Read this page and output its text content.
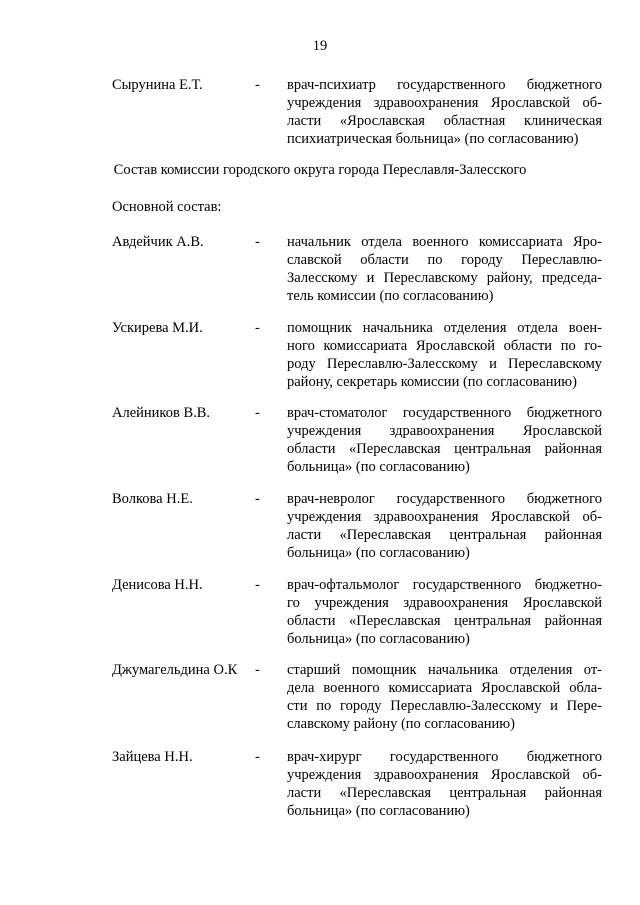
19
Сырунина Е.Т.	- врач-психиатр государственного бюджетного
учреждения здравоохранения Ярославской об-
ласти «Ярославская областная клиническая
психиатрическая больница» (по согласованию)
Состав комиссии городского округа города Переславля-Залесского
Основной состав:
Авдейчик А.В.	- начальник отдела военного комиссариата Яро-
славской области по городу Переславлю-
Залесскому и Переславскому району, председа-
тель комиссии (по согласованию)
Ускирева М.И.	- помощник начальника отделения отдела воен-
ного комиссариата Ярославской области по го-
роду Переславлю-Залесскому и Переславскому
району, секретарь комиссии (по согласованию)
Алейников В.В.	- врач-стоматолог государственного бюджетного
учреждения здравоохранения Ярославской
области «Переславская центральная районная
больница» (по согласованию)
Волкова Н.Е.	- врач-невролог государственного бюджетного
учреждения здравоохранения Ярославской об-
ласти «Переславская центральная районная
больница» (по согласованию)
Денисова Н.Н.	- врач-офтальмолог государственного бюджетно-
го учреждения здравоохранения Ярославской
области «Переславская центральная районная
больница» (по согласованию)
Джумагельдина О.К - старший помощник начальника отделения от-
дела военного комиссариата Ярославской обла-
сти по городу Переславлю-Залесскому и Пере-
славскому району (по согласованию)
Зайцева Н.Н.	- врач-хирург государственного бюджетного
учреждения здравоохранения Ярославской об-
ласти «Переславская центральная районная
больница» (по согласованию)
